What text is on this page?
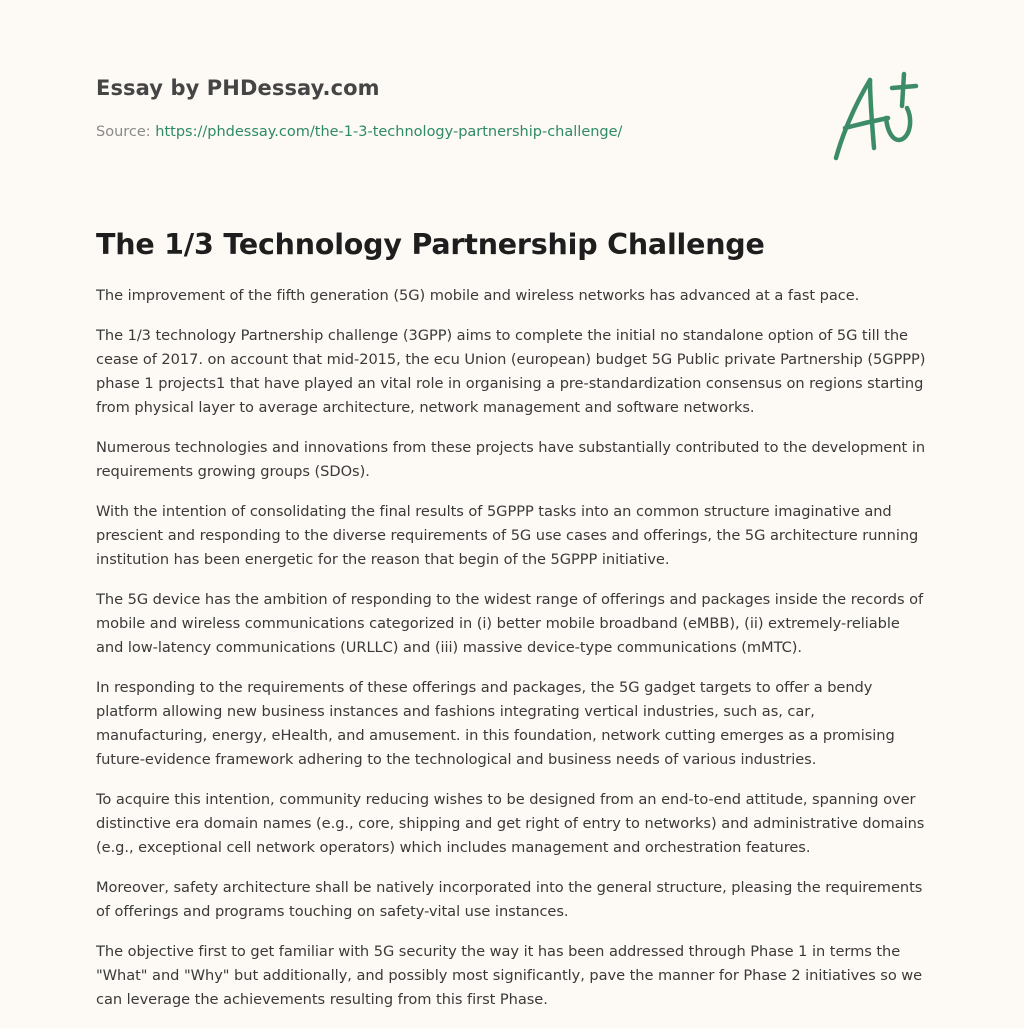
Essay by PHDessay.com
Source: https://phdessay.com/the-1-3-technology-partnership-challenge/
The 1/3 Technology Partnership Challenge

The improvement of the fifth generation (5G) mobile and wireless networks has advanced at a fast pace.

The 1/3 technology Partnership challenge (3GPP) aims to complete the initial no standalone option of 5G till the cease of 2017. on account that mid-2015, the ecu Union (european) budget 5G Public private Partnership (5GPPP) phase 1 projects1 that have played an vital role in organising a pre-standardization consensus on regions starting from physical layer to average architecture, network management and software networks.

Numerous technologies and innovations from these projects have substantially contributed to the development in requirements growing groups (SDOs).

With the intention of consolidating the final results of 5GPPP tasks into an common structure imaginative and prescient and responding to the diverse requirements of 5G use cases and offerings, the 5G architecture running institution has been energetic for the reason that begin of the 5GPPP initiative.

The 5G device has the ambition of responding to the widest range of offerings and packages inside the records of mobile and wireless communications categorized in (i) better mobile broadband (eMBB), (ii) extremely-reliable and low-latency communications (URLLC) and (iii) massive device-type communications (mMTC).

In responding to the requirements of these offerings and packages, the 5G gadget targets to offer a bendy platform allowing new business instances and fashions integrating vertical industries, such as, car, manufacturing, energy, eHealth, and amusement. in this foundation, network cutting emerges as a promising future-evidence framework adhering to the technological and business needs of various industries.

To acquire this intention, community reducing wishes to be designed from an end-to-end attitude, spanning over distinctive era domain names (e.g., core, shipping and get right of entry to networks) and administrative domains (e.g., exceptional cell network operators) which includes management and orchestration features.

Moreover, safety architecture shall be natively incorporated into the general structure, pleasing the requirements of offerings and programs touching on safety-vital use instances.

The objective first to get familiar with 5G security the way it has been addressed through Phase 1 in terms the "What" and "Why" but additionally, and possibly most significantly, pave the manner for Phase 2 initiatives so we can leverage the achievements resulting from this first Phase.
